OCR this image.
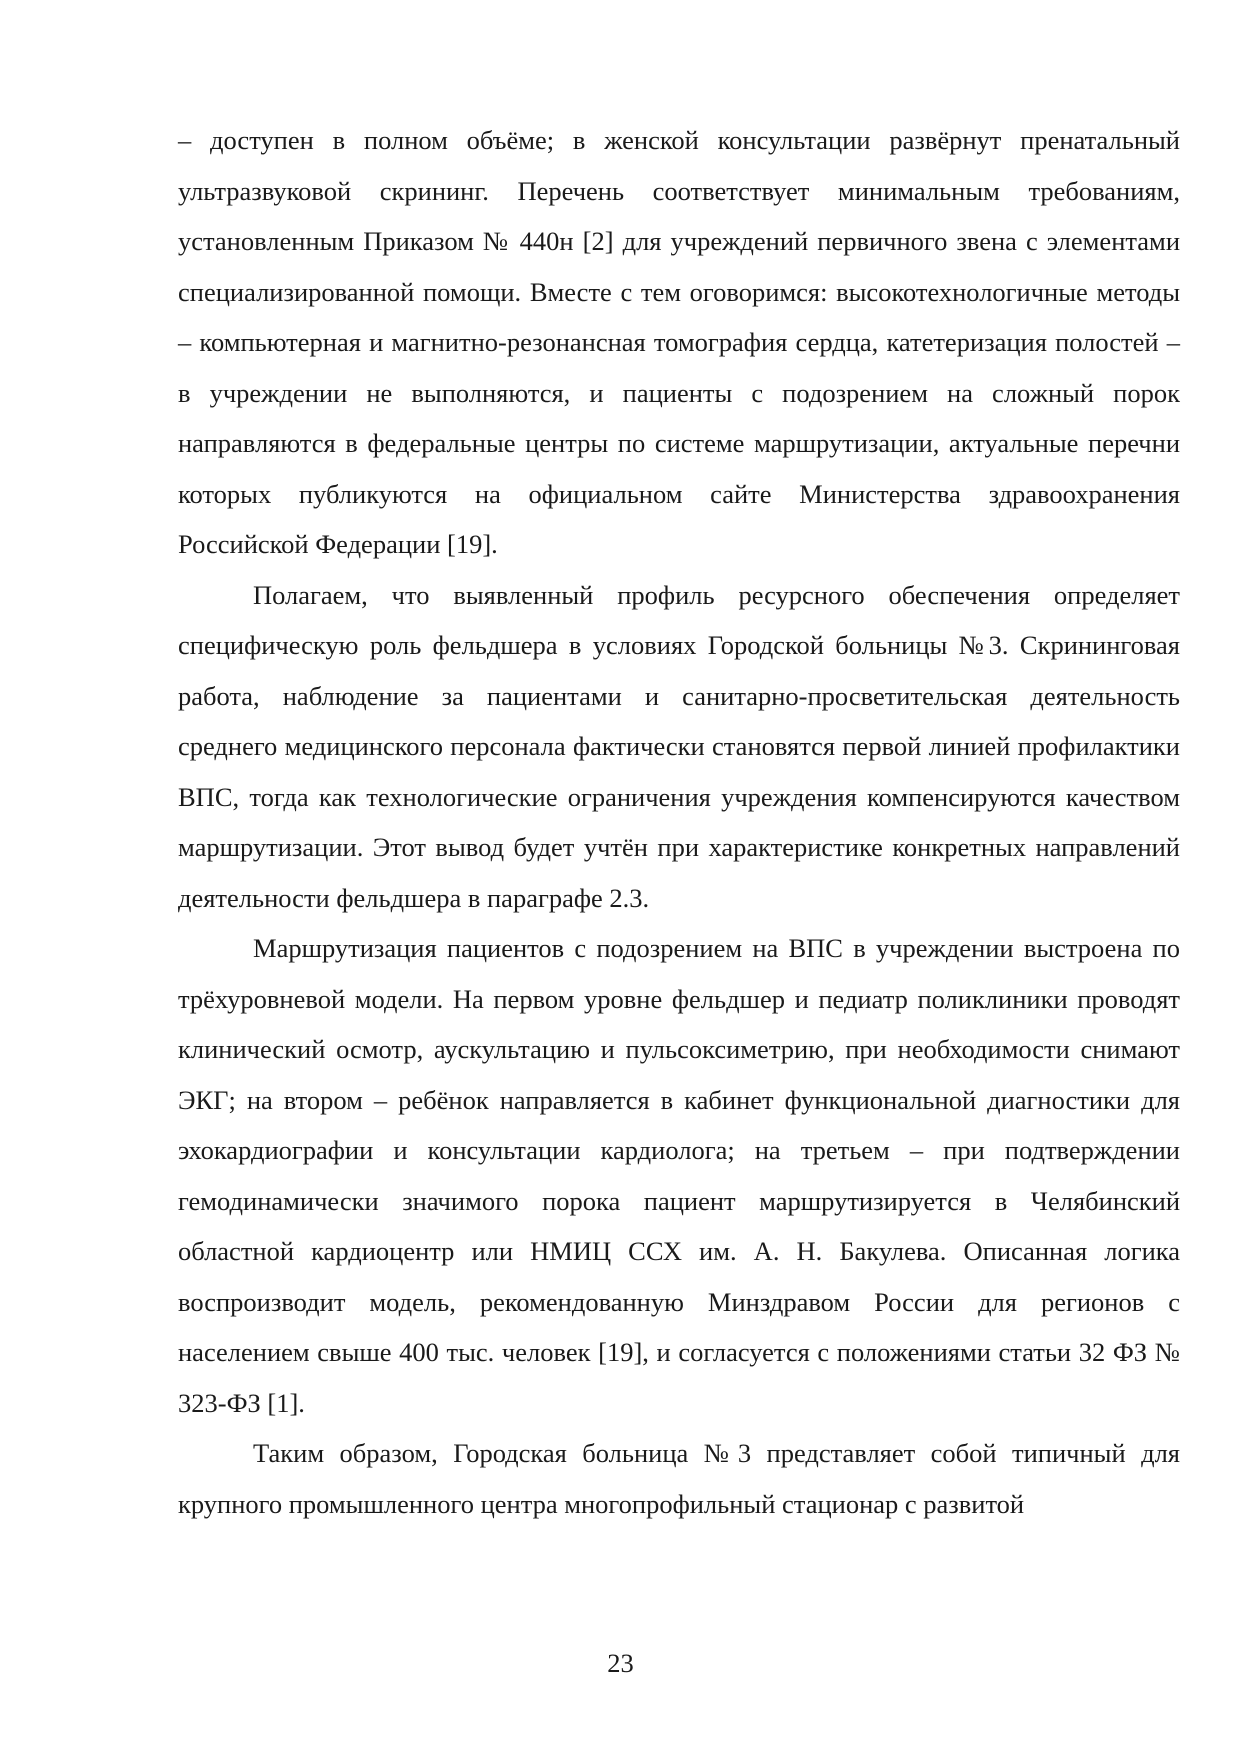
– доступен в полном объёме; в женской консультации развёрнут пренатальный ультразвуковой скрининг. Перечень соответствует минимальным требованиям, установленным Приказом № 440н [2] для учреждений первичного звена с элементами специализированной помощи. Вместе с тем оговоримся: высокотехнологичные методы – компьютерная и магнитно-резонансная томография сердца, катетеризация полостей – в учреждении не выполняются, и пациенты с подозрением на сложный порок направляются в федеральные центры по системе маршрутизации, актуальные перечни которых публикуются на официальном сайте Министерства здравоохранения Российской Федерации [19].

Полагаем, что выявленный профиль ресурсного обеспечения определяет специфическую роль фельдшера в условиях Городской больницы №3. Скрининговая работа, наблюдение за пациентами и санитарно-просветительская деятельность среднего медицинского персонала фактически становятся первой линией профилактики ВПС, тогда как технологические ограничения учреждения компенсируются качеством маршрутизации. Этот вывод будет учтён при характеристике конкретных направлений деятельности фельдшера в параграфе 2.3.

Маршрутизация пациентов с подозрением на ВПС в учреждении выстроена по трёхуровневой модели. На первом уровне фельдшер и педиатр поликлиники проводят клинический осмотр, аускультацию и пульсоксиметрию, при необходимости снимают ЭКГ; на втором – ребёнок направляется в кабинет функциональной диагностики для эхокардиографии и консультации кардиолога; на третьем – при подтверждении гемодинамически значимого порока пациент маршрутизируется в Челябинский областной кардиоцентр или НМИЦ ССХ им. А. Н. Бакулева. Описанная логика воспроизводит модель, рекомендованную Минздравом России для регионов с населением свыше 400 тыс. человек [19], и согласуется с положениями статьи 32 ФЗ № 323-ФЗ [1].

Таким образом, Городская больница №3 представляет собой типичный для крупного промышленного центра многопрофильный стационар с развитой

23
